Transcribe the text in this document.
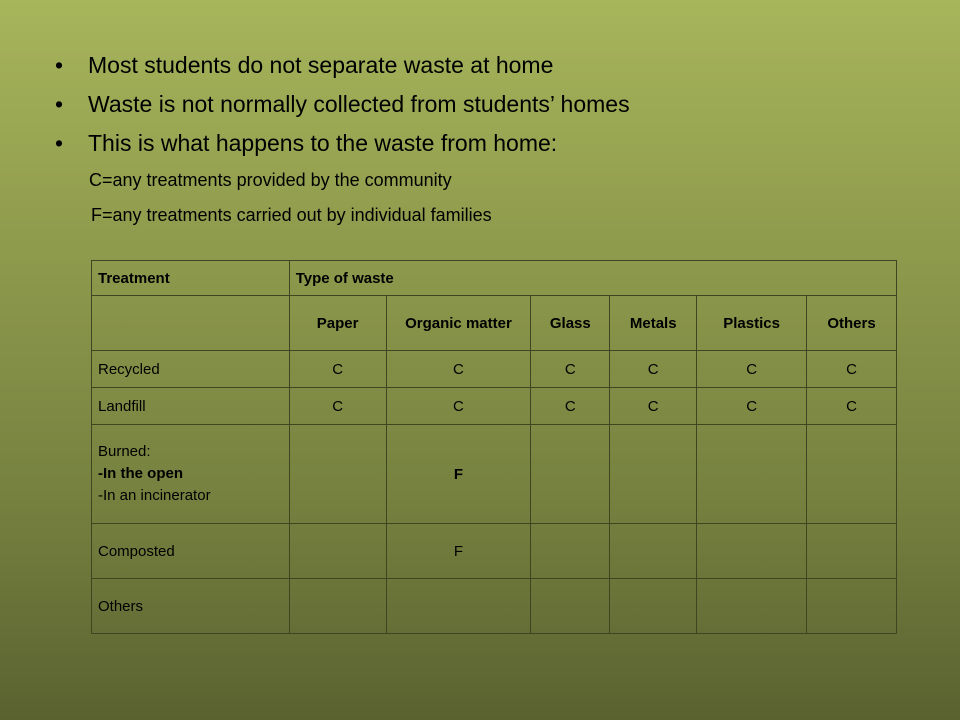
• Most students do not separate waste at home
• Waste is not normally collected from students’ homes
• This is what happens to the waste from home:
C=any treatments provided by the community
F=any treatments carried out by individual families
Treatment	Type of waste					
	Paper	Organic matter	Glass	Metals	Plastics	Others
Recycled	C	C	C	C	C	C
Landfill	C	C	C	C	C	C

Burned:
-In the open
-In an incinerator		F				
Composted		F				
Others						
